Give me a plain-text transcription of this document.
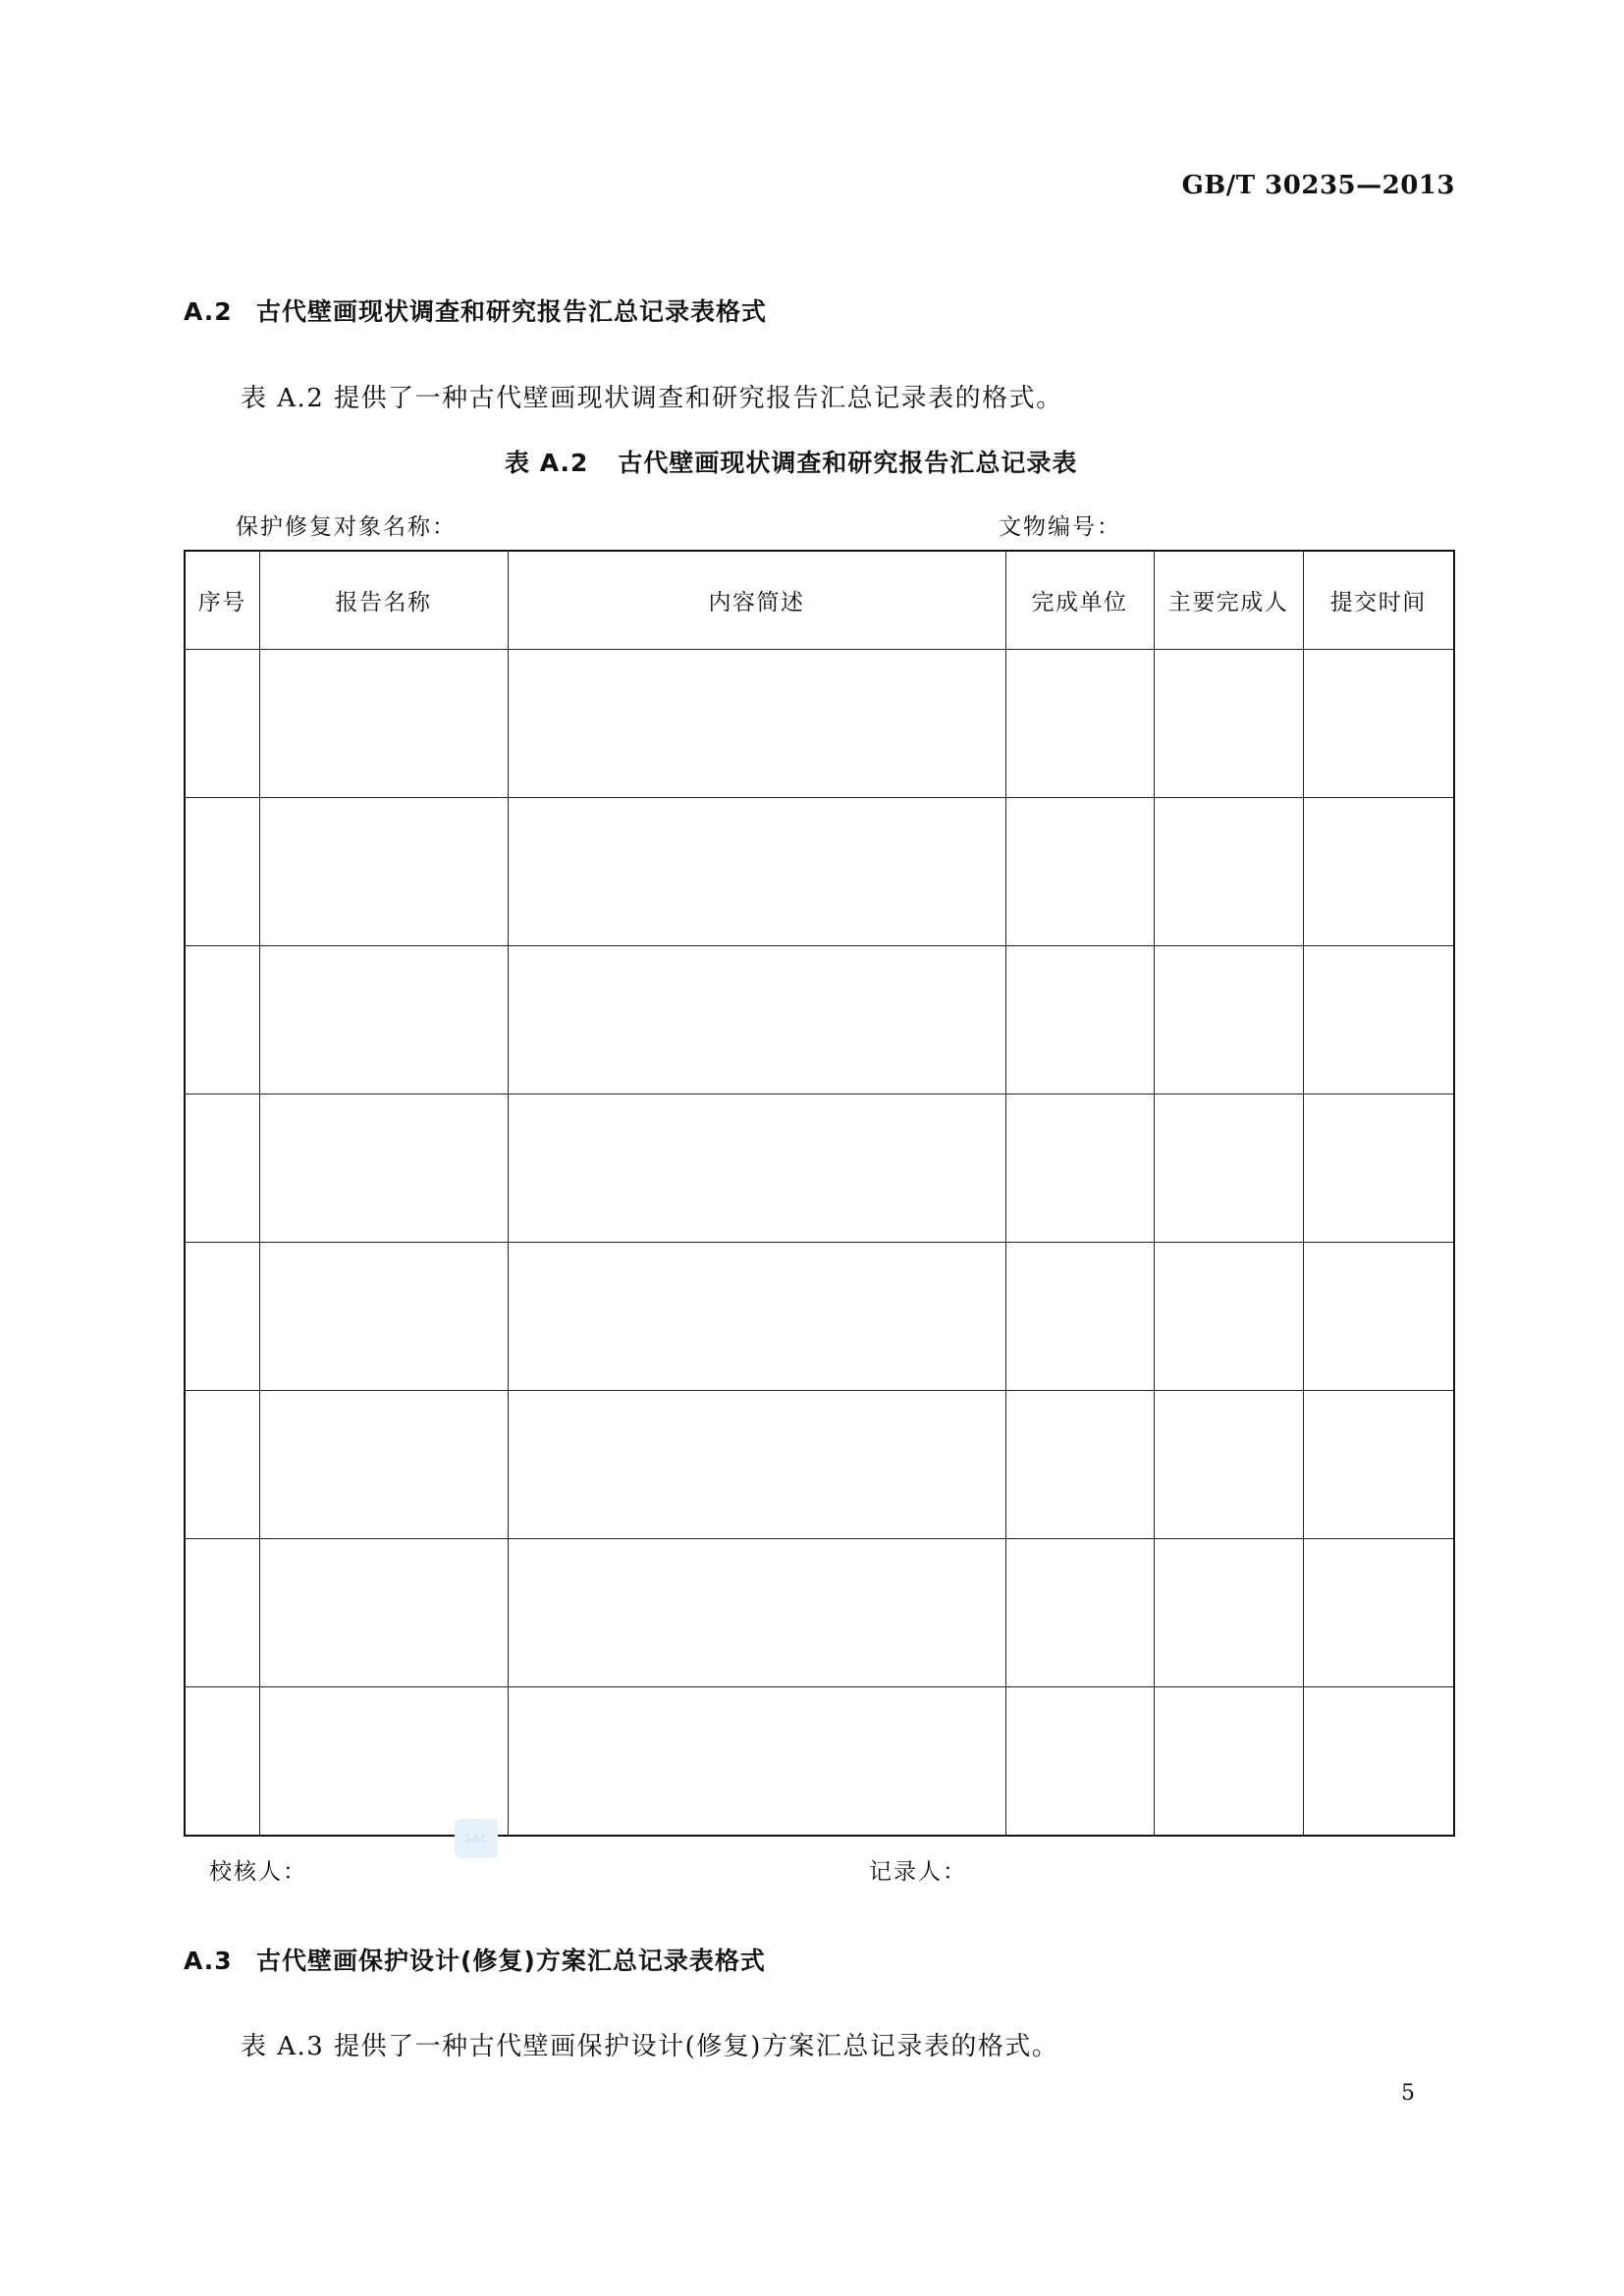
GB/T 30235—2013
A.2 古代壁画现状调查和研究报告汇总记录表格式
表 A.2 提供了一种古代壁画现状调查和研究报告汇总记录表的格式。
表 A.2 古代壁画现状调查和研究报告汇总记录表
保护修复对象名称：	文物编号：
序号	报告名称	内容简述	完成单位	主要完成人	提交时间

校核人：	记录人：
SAC
A.3 古代壁画保护设计(修复)方案汇总记录表格式
表 A.3 提供了一种古代壁画保护设计(修复)方案汇总记录表的格式。
5
